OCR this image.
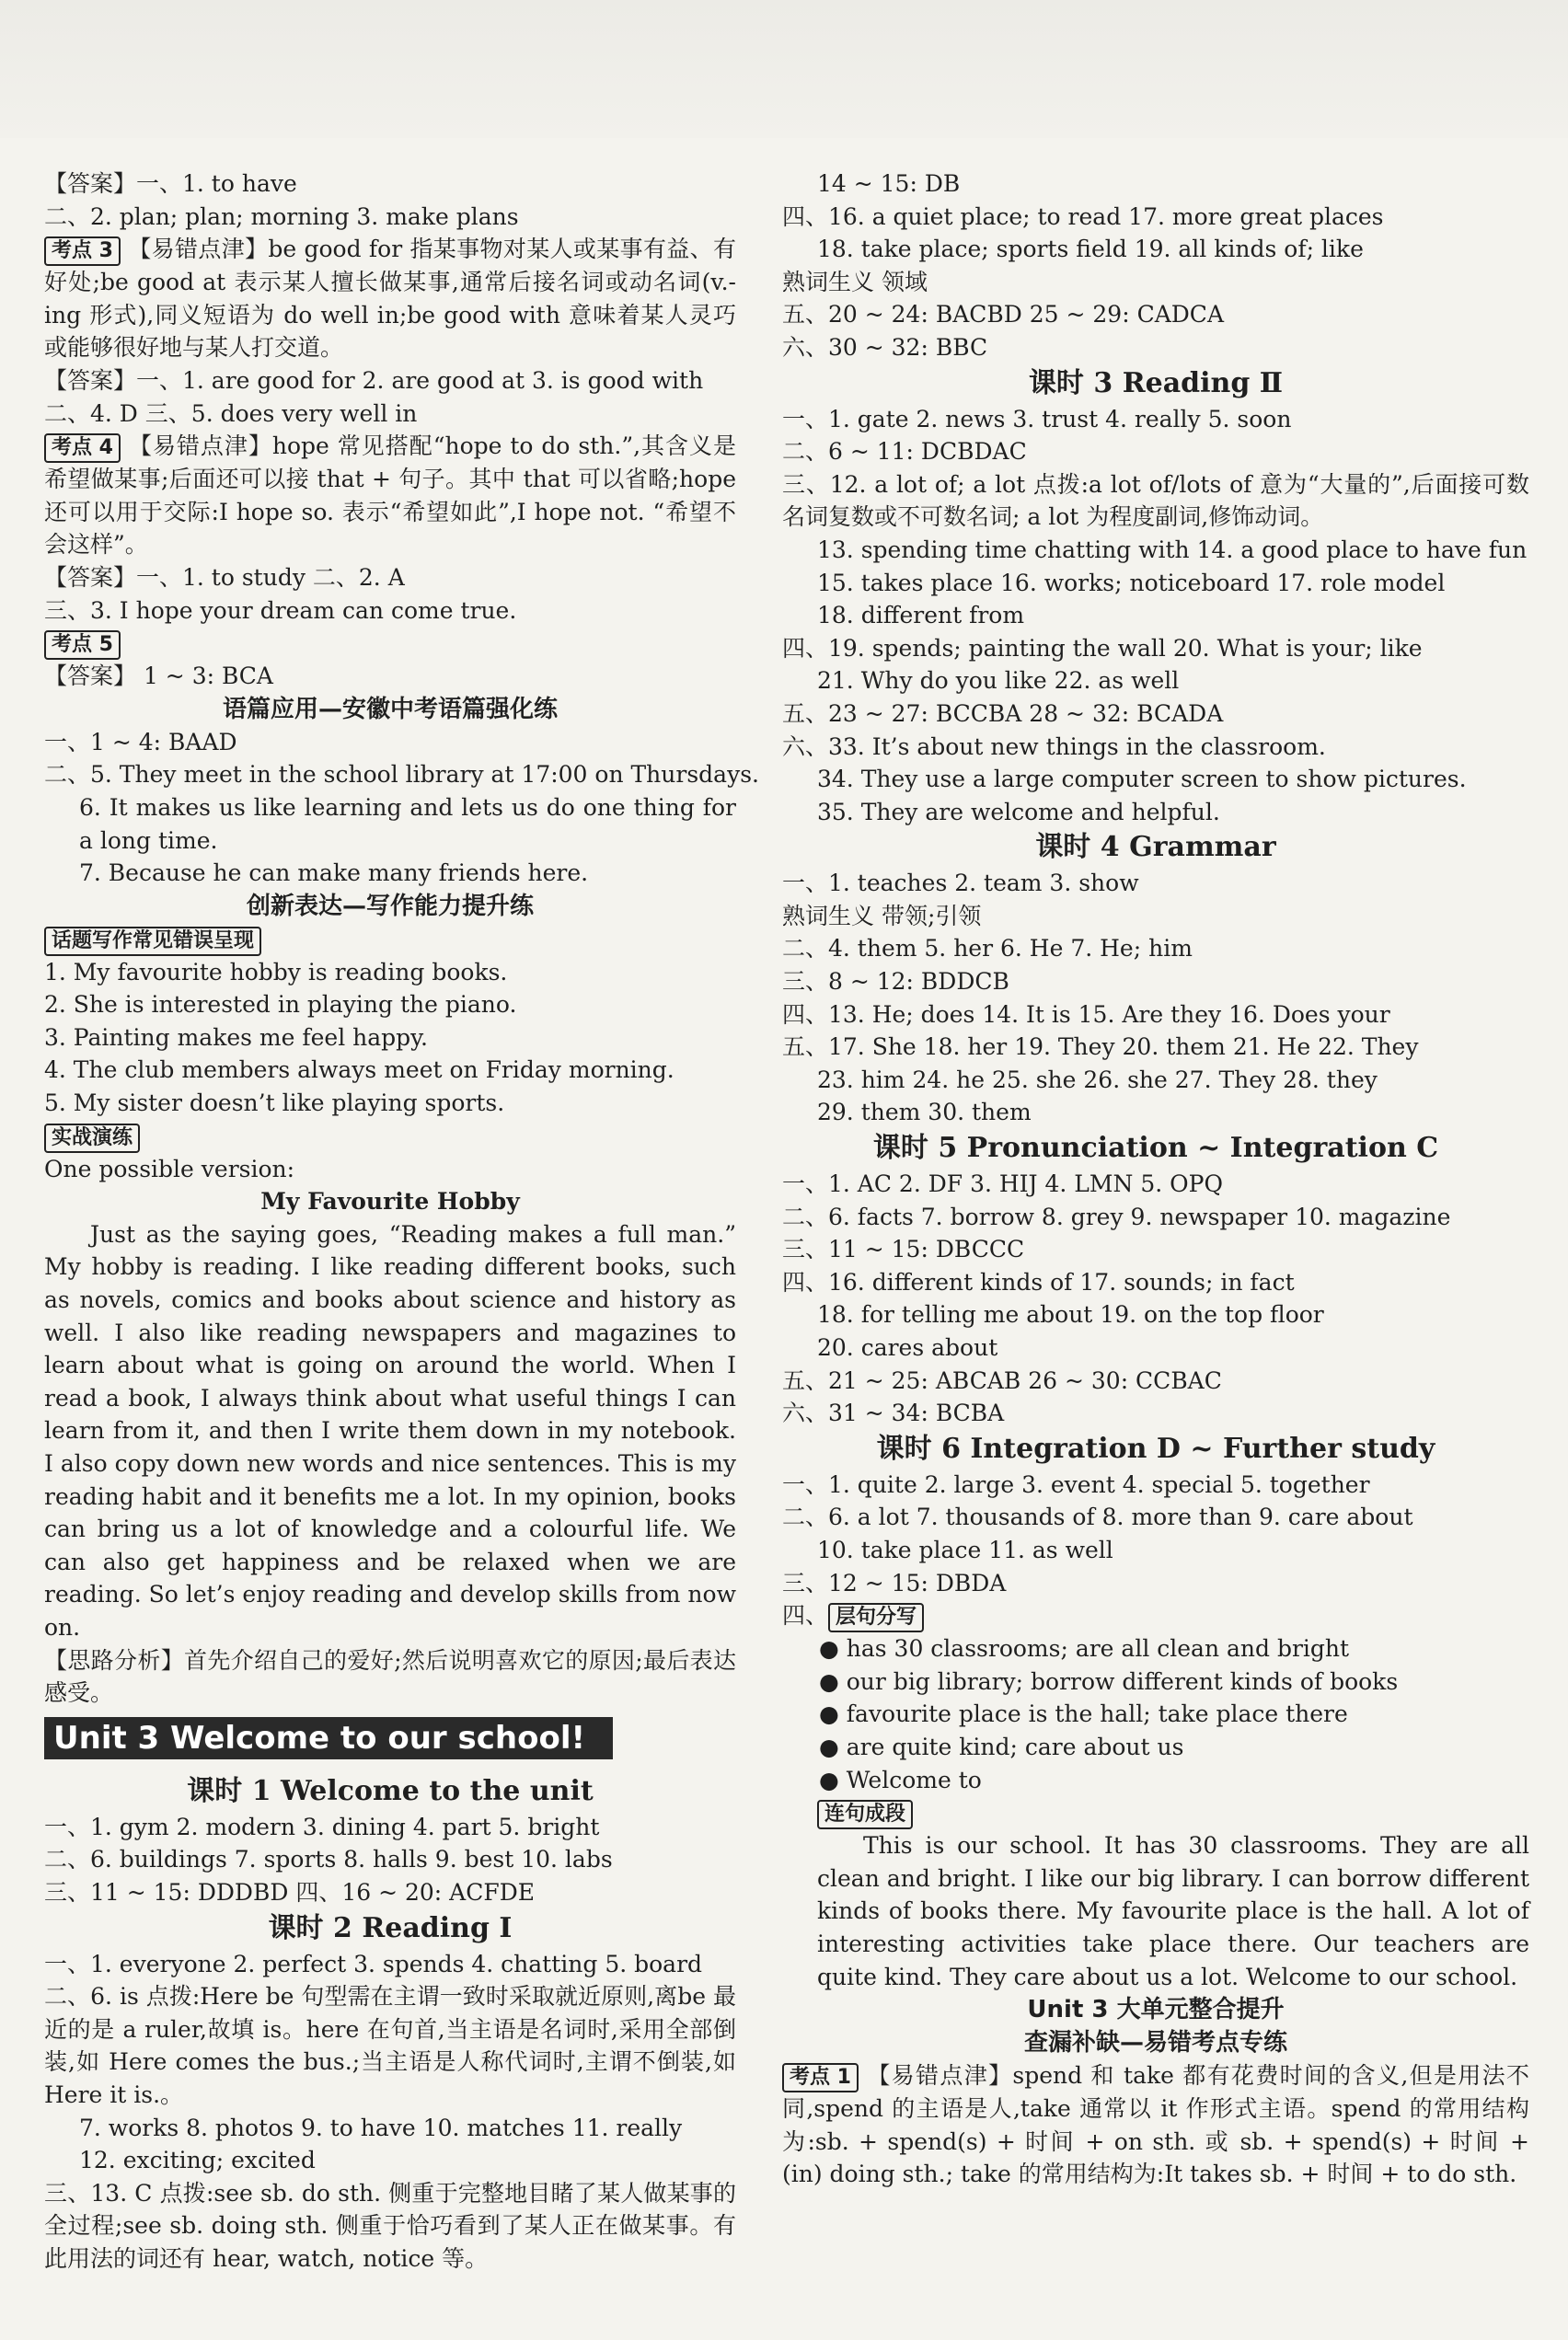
【答案】一、1. to have
二、2. plan; plan; morning 3. make plans
考点 3 【易错点津】be good for 指某事物对某人或某事有益、有好处;be good at 表示某人擅长做某事,通常后接名词或动名词(v.-ing 形式),同义短语为 do well in;be good with 意味着某人灵巧或能够很好地与某人打交道。
【答案】一、1. are good for 2. are good at 3. is good with
二、4. D 三、5. does very well in
考点 4 【易错点津】hope 常见搭配“hope to do sth.”,其含义是希望做某事;后面还可以接 that + 句子。其中 that 可以省略;hope 还可以用于交际:I hope so. 表示“希望如此”,I hope not. “希望不会这样”。
【答案】一、1. to study 二、2. A
三、3. I hope your dream can come true.
考点 5
【答案】 1 ~ 3: BCA
语篇应用—安徽中考语篇强化练
一、1 ~ 4: BAAD
二、5. They meet in the school library at 17:00 on Thursdays.
6. It makes us like learning and lets us do one thing for a long time.
7. Because he can make many friends here.
创新表达—写作能力提升练
话题写作常见错误呈现
1. My favourite hobby is reading books.
2. She is interested in playing the piano.
3. Painting makes me feel happy.
4. The club members always meet on Friday morning.
5. My sister doesn’t like playing sports.
实战演练
One possible version:
My Favourite Hobby
Just as the saying goes, “Reading makes a full man.” My hobby is reading. I like reading different books, such as novels, comics and books about science and history as well. I also like reading newspapers and magazines to learn about what is going on around the world. When I read a book, I always think about what useful things I can learn from it, and then I write them down in my notebook. I also copy down new words and nice sentences. This is my reading habit and it benefits me a lot. In my opinion, books can bring us a lot of knowledge and a colourful life. We can also get happiness and be relaxed when we are reading. So let’s enjoy reading and develop skills from now on.
【思路分析】首先介绍自己的爱好;然后说明喜欢它的原因;最后表达感受。
Unit 3 Welcome to our school!
课时 1 Welcome to the unit
一、1. gym 2. modern 3. dining 4. part 5. bright
二、6. buildings 7. sports 8. halls 9. best 10. labs
三、11 ~ 15: DDDBD 四、16 ~ 20: ACFDE
课时 2 Reading Ⅰ
一、1. everyone 2. perfect 3. spends 4. chatting 5. board
二、6. is 点拨:Here be 句型需在主谓一致时采取就近原则,离be 最近的是 a ruler,故填 is。here 在句首,当主语是名词时,采用全部倒装,如 Here comes the bus.;当主语是人称代词时,主谓不倒装,如 Here it is.。
7. works 8. photos 9. to have 10. matches 11. really
12. exciting; excited
三、13. C 点拨:see sb. do sth. 侧重于完整地目睹了某人做某事的全过程;see sb. doing sth. 侧重于恰巧看到了某人正在做某事。有此用法的词还有 hear, watch, notice 等。
14 ~ 15: DB
四、16. a quiet place; to read 17. more great places
18. take place; sports field 19. all kinds of; like
熟词生义 领域
五、20 ~ 24: BACBD 25 ~ 29: CADCA
六、30 ~ 32: BBC
课时 3 Reading Ⅱ
一、1. gate 2. news 3. trust 4. really 5. soon
二、6 ~ 11: DCBDAC
三、12. a lot of; a lot 点拨:a lot of/lots of 意为“大量的”,后面接可数名词复数或不可数名词; a lot 为程度副词,修饰动词。
13. spending time chatting with 14. a good place to have fun
15. takes place 16. works; noticeboard 17. role model
18. different from
四、19. spends; painting the wall 20. What is your; like
21. Why do you like 22. as well
五、23 ~ 27: BCCBA 28 ~ 32: BCADA
六、33. It’s about new things in the classroom.
34. They use a large computer screen to show pictures.
35. They are welcome and helpful.
课时 4 Grammar
一、1. teaches 2. team 3. show
熟词生义 带领;引领
二、4. them 5. her 6. He 7. He; him
三、8 ~ 12: BDDCB
四、13. He; does 14. It is 15. Are they 16. Does your
五、17. She 18. her 19. They 20. them 21. He 22. They
23. him 24. he 25. she 26. she 27. They 28. they
29. them 30. them
课时 5 Pronunciation ~ Integration C
一、1. AC 2. DF 3. HIJ 4. LMN 5. OPQ
二、6. facts 7. borrow 8. grey 9. newspaper 10. magazine
三、11 ~ 15: DBCCC
四、16. different kinds of 17. sounds; in fact
18. for telling me about 19. on the top floor
20. cares about
五、21 ~ 25: ABCAB 26 ~ 30: CCBAC
六、31 ~ 34: BCBA
课时 6 Integration D ~ Further study
一、1. quite 2. large 3. event 4. special 5. together
二、6. a lot 7. thousands of 8. more than 9. care about
10. take place 11. as well
三、12 ~ 15: DBDA
四、 层句分写
● has 30 classrooms; are all clean and bright
● our big library; borrow different kinds of books
● favourite place is the hall; take place there
● are quite kind; care about us
● Welcome to
连句成段
This is our school. It has 30 classrooms. They are all clean and bright. I like our big library. I can borrow different kinds of books there. My favourite place is the hall. A lot of interesting activities take place there. Our teachers are quite kind. They care about us a lot. Welcome to our school.
Unit 3 大单元整合提升
查漏补缺—易错考点专练
考点 1 【易错点津】spend 和 take 都有花费时间的含义,但是用法不同,spend 的主语是人,take 通常以 it 作形式主语。spend 的常用结构为:sb. + spend(s) + 时间 + on sth. 或 sb. + spend(s) + 时间 + (in) doing sth.; take 的常用结构为:It takes sb. + 时间 + to do sth.
